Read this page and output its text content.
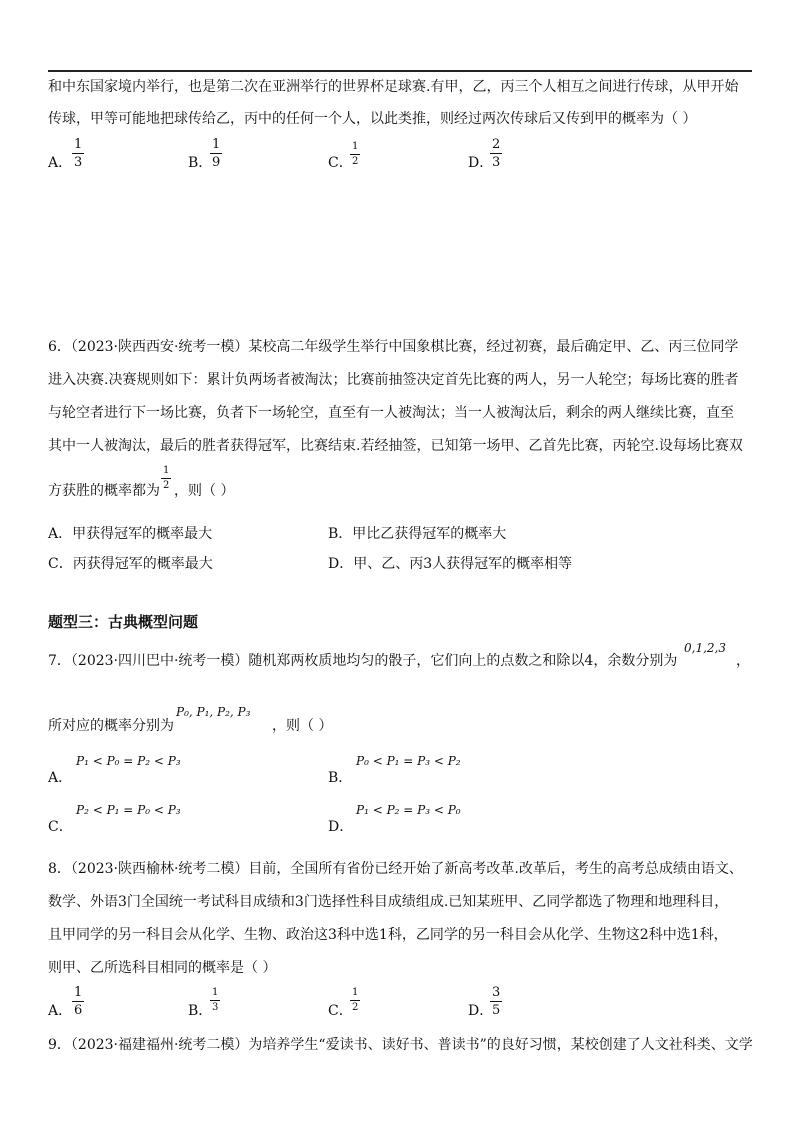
和中东国家境内举行，也是第二次在亚洲举行的世界杯足球赛.有甲，乙，丙三个人相互之间进行传球，从甲开始
传球，甲等可能地把球传给乙，丙中的任何一个人，以此类推，则经过两次传球后又传到甲的概率为（ ）
A．
1
3	B．
1
9	C．
1
2	D．
2
3
6．（2023·陕西西安·统考一模）某校高二年级学生举行中国象棋比赛，经过初赛，最后确定甲、乙、丙三位同学
进入决赛.决赛规则如下：累计负两场者被淘汰；比赛前抽签决定首先比赛的两人，另一人轮空；每场比赛的胜者
与轮空者进行下一场比赛，负者下一场轮空，直至有一人被淘汰；当一人被淘汰后，剩余的两人继续比赛，直至
其中一人被淘汰，最后的胜者获得冠军，比赛结束.若经抽签，已知第一场甲、乙首先比赛，丙轮空.设每场比赛双
方获胜的概率都为
1
2 ，则（ ）
A．甲获得冠军的概率最大	B．甲比乙获得冠军的概率大
C．丙获得冠军的概率最大	D．甲、乙、丙3人获得冠军的概率相等
题型三：古典概型问题
7．（2023·四川巴中·统考一模）随机郑两枚质地均匀的骰子，它们向上的点数之和除以4，余数分别为
0,1,2,3
，
所对应的概率分别为
P₀, P₁, P₂, P₃
，则（ ）
A．
P₁ < P₀ = P₂ < P₃
B．
P₀ < P₁ = P₃ < P₂
C．
P₂ < P₁ = P₀ < P₃
D．
P₁ < P₂ = P₃ < P₀
8．（2023·陕西榆林·统考二模）目前，全国所有省份已经开始了新高考改革.改革后，考生的高考总成绩由语文、
数学、外语3门全国统一考试科目成绩和3门选择性科目成绩组成.已知某班甲、乙同学都选了物理和地理科目，
且甲同学的另一科目会从化学、生物、政治这3科中选1科，乙同学的另一科目会从化学、生物这2科中选1科，
则甲、乙所选科目相同的概率是（ ）
A．
1
6	B．
1
3	C．
1
2	D．
3
5
9．（2023·福建福州·统考二模）为培养学生“爱读书、读好书、普读书”的良好习惯，某校创建了人文社科类、文学
